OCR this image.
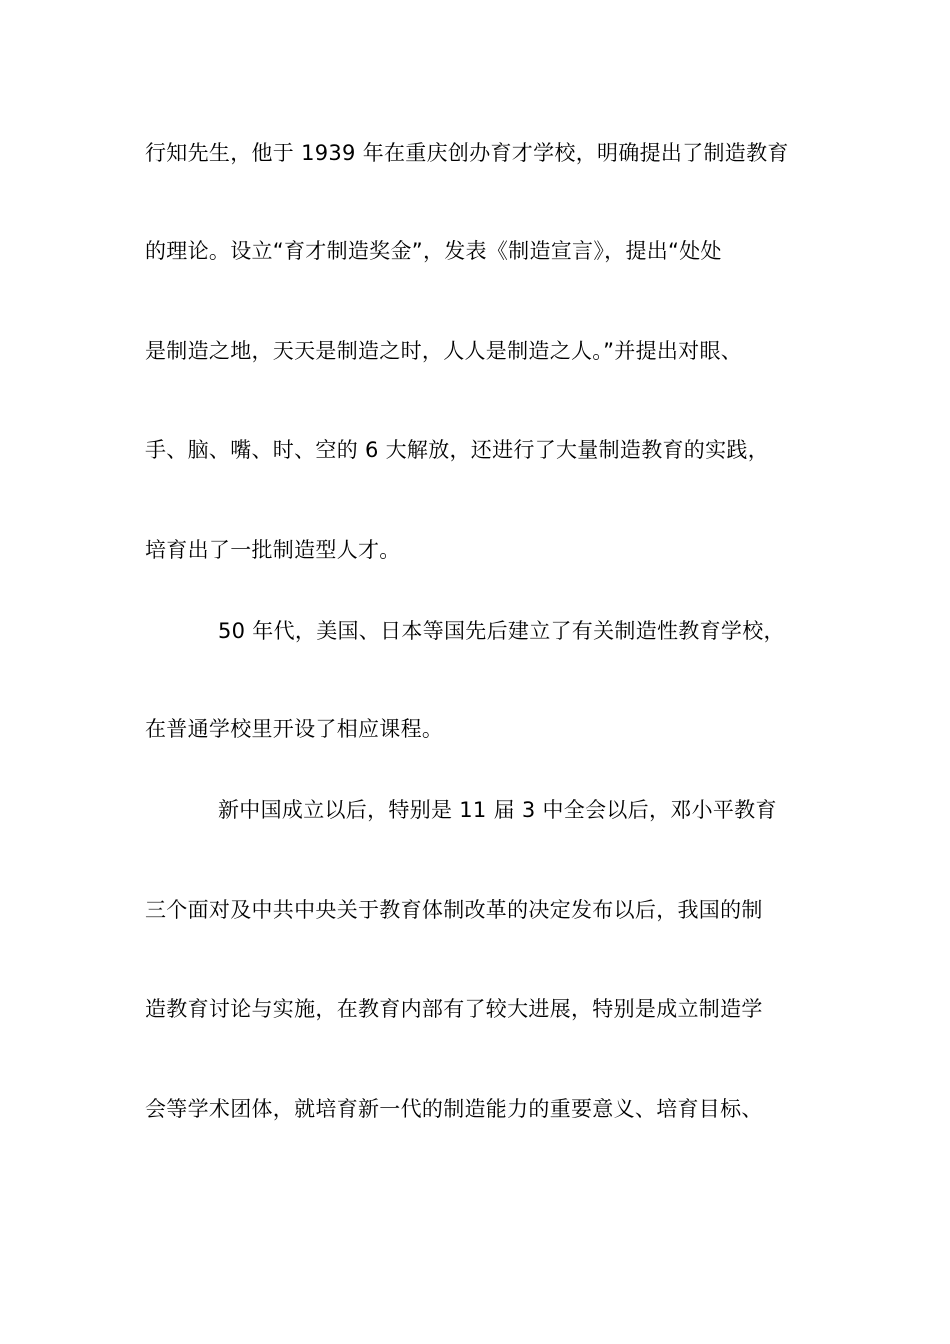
行知先生，他于 1939 年在重庆创办育才学校，明确提出了制造教育
的理论。设立“育才制造奖金”，发表《制造宣言》，提出“处处
是制造之地，天天是制造之时，人人是制造之人。”并提出对眼、
手、脑、嘴、时、空的 6 大解放，还进行了大量制造教育的实践，
培育出了一批制造型人才。
50 年代，美国、日本等国先后建立了有关制造性教育学校，
在普通学校里开设了相应课程。
新中国成立以后，特别是 11 届 3 中全会以后，邓小平教育
三个面对及中共中央关于教育体制改革的决定发布以后，我国的制
造教育讨论与实施，在教育内部有了较大进展，特别是成立制造学
会等学术团体，就培育新一代的制造能力的重要意义、培育目标、
